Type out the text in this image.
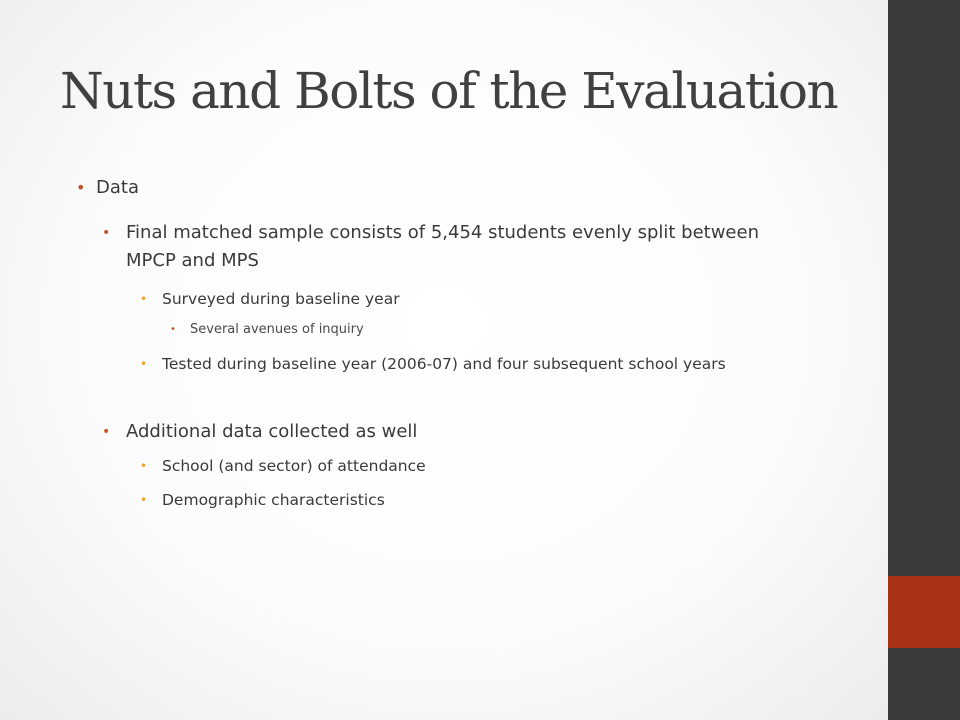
Nuts and Bolts of the Evaluation
• Data
• Final matched sample consists of 5,454 students evenly split between MPCP and MPS
• Surveyed during baseline year
•	Several avenues of inquiry
• Tested during baseline year (2006-07) and four subsequent school years
• Additional data collected as well
• School (and sector) of attendance
• Demographic characteristics
